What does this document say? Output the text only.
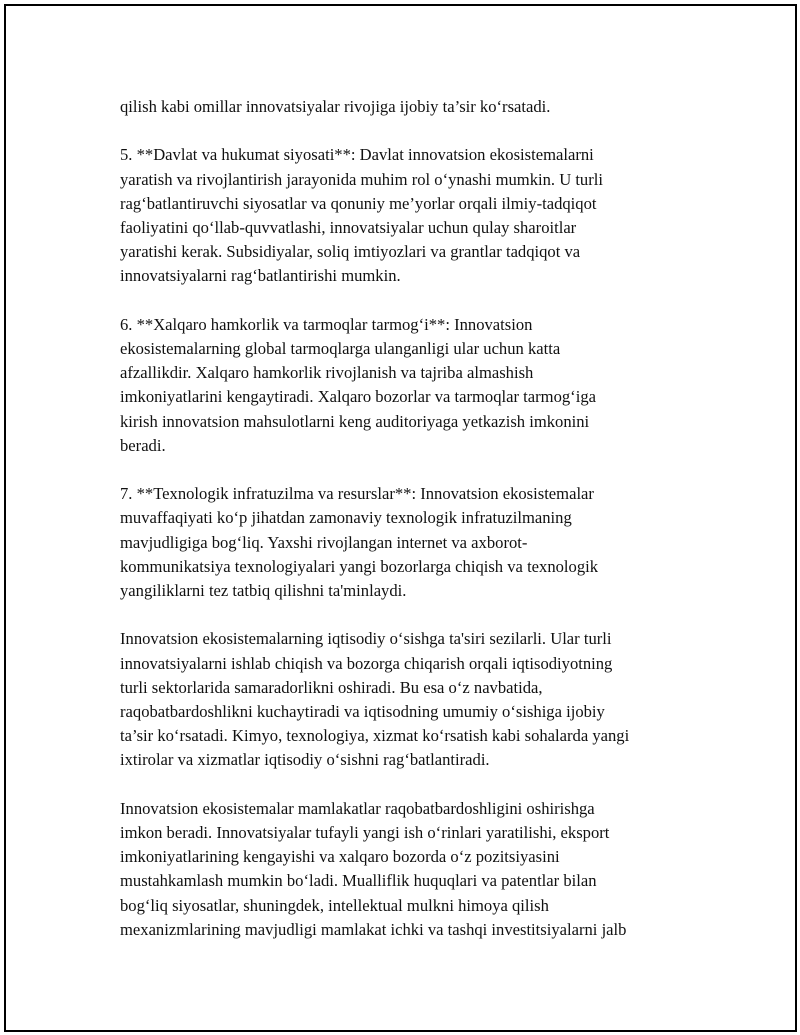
qilish kabi omillar innovatsiyalar rivojiga ijobiy ta’sir ko‘rsatadi.

5. **Davlat va hukumat siyosati**: Davlat innovatsion ekosistemalarni
yaratish va rivojlantirish jarayonida muhim rol o‘ynashi mumkin. U turli
rag‘batlantiruvchi siyosatlar va qonuniy me’yorlar orqali ilmiy-tadqiqot
faoliyatini qo‘llab-quvvatlashi, innovatsiyalar uchun qulay sharoitlar
yaratishi kerak. Subsidiyalar, soliq imtiyozlari va grantlar tadqiqot va
innovatsiyalarni rag‘batlantirishi mumkin.

6. **Xalqaro hamkorlik va tarmoqlar tarmog‘i**: Innovatsion
ekosistemalarning global tarmoqlarga ulanganligi ular uchun katta
afzallikdir. Xalqaro hamkorlik rivojlanish va tajriba almashish
imkoniyatlarini kengaytiradi. Xalqaro bozorlar va tarmoqlar tarmog‘iga
kirish innovatsion mahsulotlarni keng auditoriyaga yetkazish imkonini
beradi.

7. **Texnologik infratuzilma va resurslar**: Innovatsion ekosistemalar
muvaffaqiyati ko‘p jihatdan zamonaviy texnologik infratuzilmaning
mavjudligiga bog‘liq. Yaxshi rivojlangan internet va axborot-
kommunikatsiya texnologiyalari yangi bozorlarga chiqish va texnologik
yangiliklarni tez tatbiq qilishni ta'minlaydi.

Innovatsion ekosistemalarning iqtisodiy o‘sishga ta'siri sezilarli. Ular turli
innovatsiyalarni ishlab chiqish va bozorga chiqarish orqali iqtisodiyotning
turli sektorlarida samaradorlikni oshiradi. Bu esa o‘z navbatida,
raqobatbardoshlikni kuchaytiradi va iqtisodning umumiy o‘sishiga ijobiy
ta’sir ko‘rsatadi. Kimyo, texnologiya, xizmat ko‘rsatish kabi sohalarda yangi
ixtirolar va xizmatlar iqtisodiy o‘sishni rag‘batlantiradi.

Innovatsion ekosistemalar mamlakatlar raqobatbardoshligini oshirishga
imkon beradi. Innovatsiyalar tufayli yangi ish o‘rinlari yaratilishi, eksport
imkoniyatlarining kengayishi va xalqaro bozorda o‘z pozitsiyasini
mustahkamlash mumkin bo‘ladi. Mualliflik huquqlari va patentlar bilan
bog‘liq siyosatlar, shuningdek, intellektual mulkni himoya qilish
mexanizmlarining mavjudligi mamlakat ichki va tashqi investitsiyalarni jalb
